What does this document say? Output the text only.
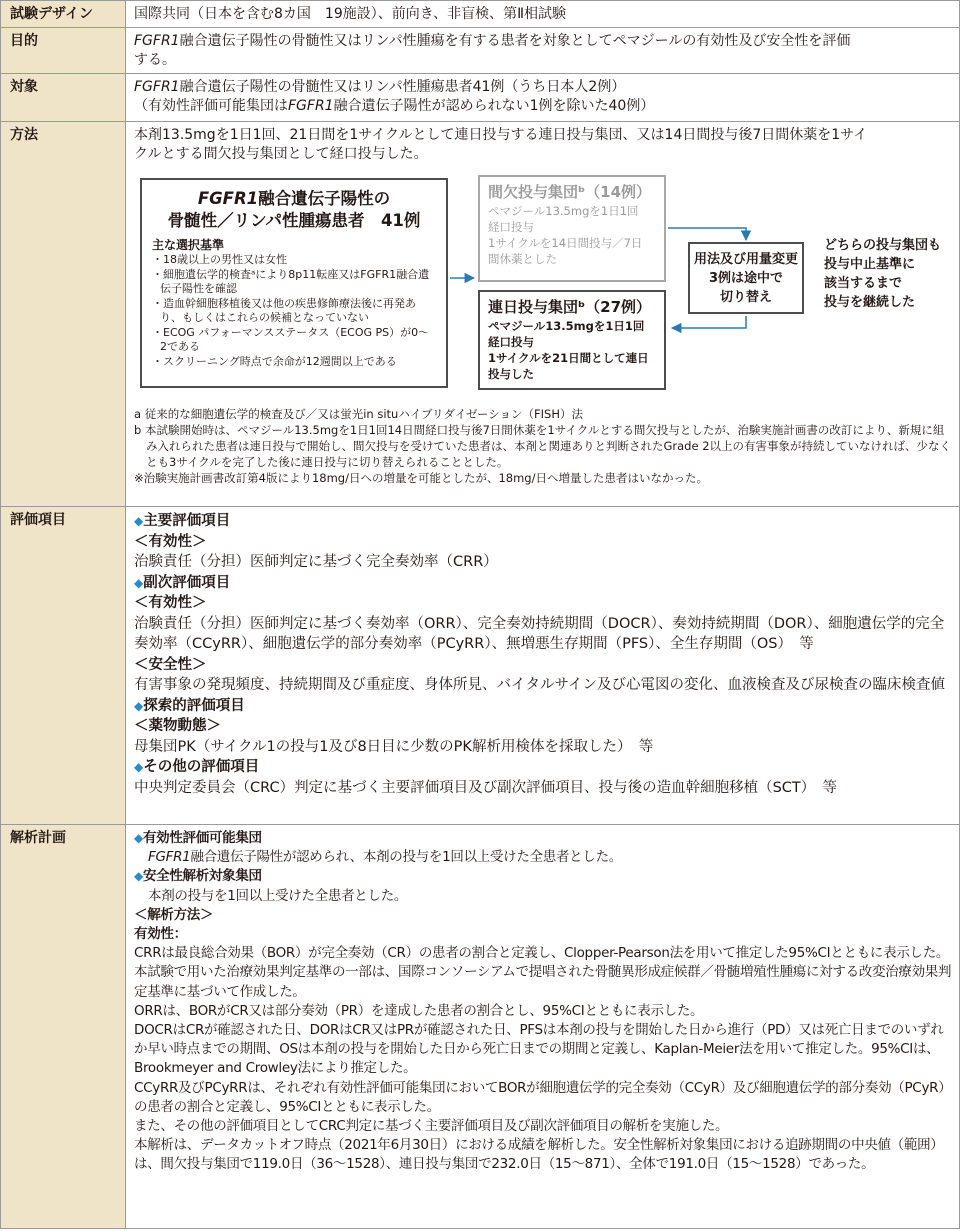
試験デザイン	国際共同（日本を含む8カ国　19施設）、前向き、非盲検、第Ⅱ相試験
目的	FGFR1融合遺伝子陽性の骨髄性又はリンパ性腫瘍を有する患者を対象としてペマジールの有効性及び安全性を評価
する。
対象	FGFR1融合遺伝子陽性の骨髄性又はリンパ性腫瘍患者41例（うち日本人2例）
（有効性評価可能集団はFGFR1融合遺伝子陽性が認められない1例を除いた40例）
方法	本剤13.5mgを1日1回、21日間を1サイクルとして連日投与する連日投与集団、又は14日間投与後7日間休薬を1サイ
クルとする間欠投与集団として経口投与した。
FGFR1融合遺伝子陽性の
骨髄性／リンパ性腫瘍患者　41例
主な選択基準
・18歳以上の男性又は女性
・細胞遺伝学的検査ᵃにより8p11転座又はFGFR1融合遺伝子陽性を確認
・造血幹細胞移植後又は他の疾患修飾療法後に再発あり、もしくはこれらの候補となっていない
・ECOG パフォーマンスステータス（ECOG PS）が0～2である
・スクリーニング時点で余命が12週間以上である
間欠投与集団ᵇ（14例）
ペマジール13.5mgを1日1回
経口投与
1サイクルを14日間投与／7日
間休薬とした
連日投与集団ᵇ（27例）
ペマジール13.5mgを1日1回
経口投与
1サイクルを21日間として連日
投与した
用法及び用量変更
3例は途中で
切り替え
どちらの投与集団も
投与中止基準に
該当するまで
投与を継続した

a 従来的な細胞遺伝学的検査及び／又は蛍光in situハイブリダイゼーション（FISH）法

b 本試験開始時は、ペマジール13.5mgを1日1回14日間経口投与後7日間休薬を1サイクルとする間欠投与としたが、治験実施計画書の改訂により、新規に組み入れられた患者は連日投与で開始し、間欠投与を受けていた患者は、本剤と関連ありと判断されたGrade 2以上の有害事象が持続していなければ、少なくとも3サイクルを完了した後に連日投与に切り替えられることとした。

※治験実施計画書改訂第4版により18mg/日への増量を可能としたが、18mg/日へ増量した患者はいなかった。

評価項目	◆主要評価項目
＜有効性＞
治験責任（分担）医師判定に基づく完全奏効率（CRR）
◆副次評価項目
＜有効性＞
治験責任（分担）医師判定に基づく奏効率（ORR）、完全奏効持続期間（DOCR）、奏効持続期間（DOR）、細胞遺伝学的完全奏効率（CCyRR）、細胞遺伝学的部分奏効率（PCyRR）、無増悪生存期間（PFS）、全生存期間（OS）　等
＜安全性＞
有害事象の発現頻度、持続期間及び重症度、身体所見、バイタルサイン及び心電図の変化、血液検査及び尿検査の臨床検査値
◆探索的評価項目
＜薬物動態＞
母集団PK（サイクル1の投与1及び8日目に少数のPK解析用検体を採取した）　等
◆その他の評価項目
中央判定委員会（CRC）判定に基づく主要評価項目及び副次評価項目、投与後の造血幹細胞移植（SCT）　等
解析計画	◆有効性評価可能集団
FGFR1融合遺伝子陽性が認められ、本剤の投与を1回以上受けた全患者とした。
◆安全性解析対象集団
本剤の投与を1回以上受けた全患者とした。
＜解析方法＞
有効性：
CRRは最良総合効果（BOR）が完全奏効（CR）の患者の割合と定義し、Clopper-Pearson法を用いて推定した95%CIとともに表示した。本試験で用いた治療効果判定基準の一部は、国際コンソーシアムで提唱された骨髄異形成症候群／骨髄増殖性腫瘍に対する改変治療効果判定基準に基づいて作成した。
ORRは、BORがCR又は部分奏効（PR）を達成した患者の割合とし、95%CIとともに表示した。
DOCRはCRが確認された日、DORはCR又はPRが確認された日、PFSは本剤の投与を開始した日から進行（PD）又は死亡日までのいずれか早い時点までの期間、OSは本剤の投与を開始した日から死亡日までの期間と定義し、Kaplan-Meier法を用いて推定した。95%CIは、Brookmeyer and Crowley法により推定した。
CCyRR及びPCyRRは、それぞれ有効性評価可能集団においてBORが細胞遺伝学的完全奏効（CCyR）及び細胞遺伝学的部分奏効（PCyR）の患者の割合と定義し、95%CIとともに表示した。
また、その他の評価項目としてCRC判定に基づく主要評価項目及び副次評価項目の解析を実施した。
本解析は、データカットオフ時点（2021年6月30日）における成績を解析した。安全性解析対象集団における追跡期間の中央値（範囲）は、間欠投与集団で119.0日（36～1528）、連日投与集団で232.0日（15～871）、全体で191.0日（15～1528）であった。
